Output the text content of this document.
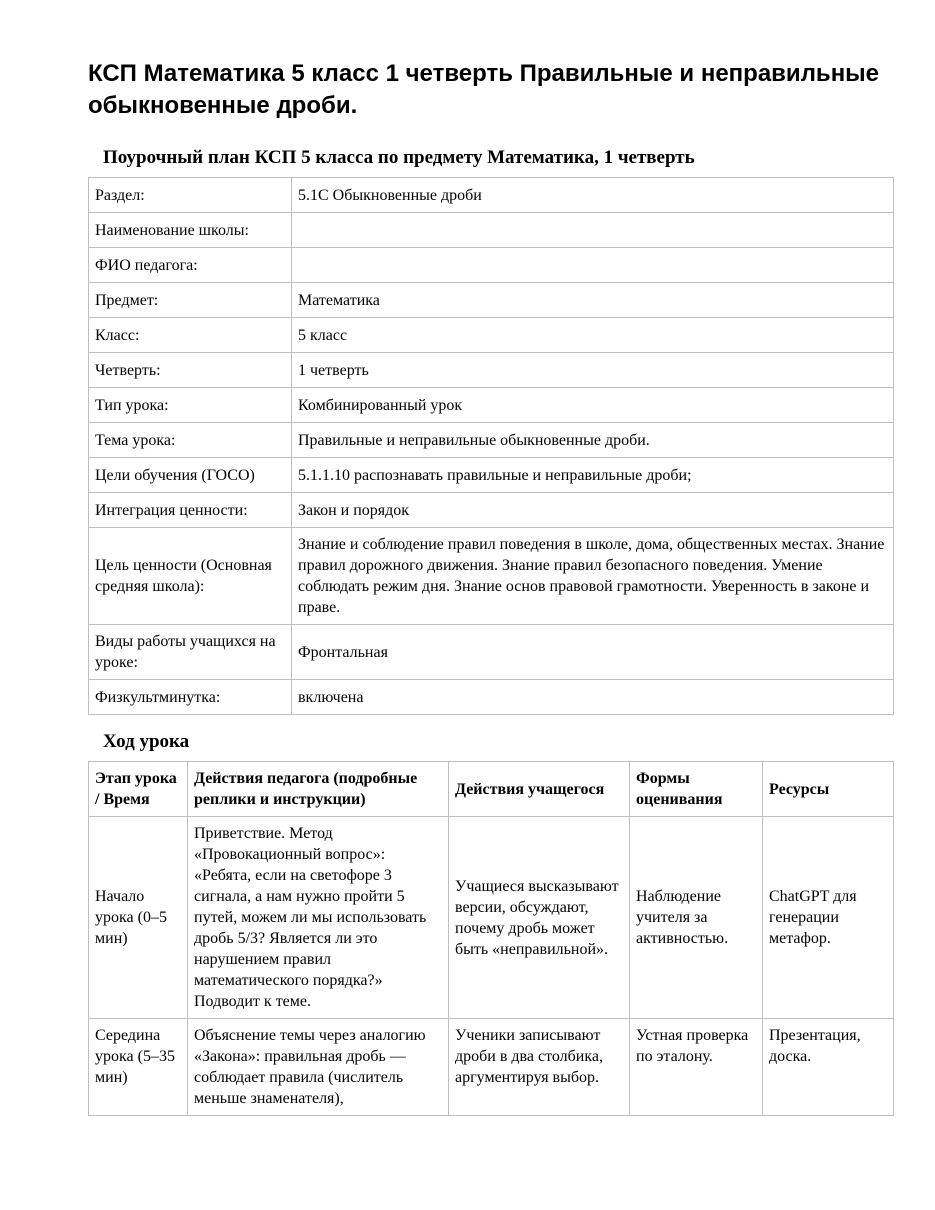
КСП Математика 5 класс 1 четверть Правильные и неправильные обыкновенные дроби.
Поурочный план КСП 5 класса по предмету Математика, 1 четверть
Раздел:	5.1С Обыкновенные дроби
Наименование школы:	
ФИО педагога:	
Предмет:	Математика
Класс:	5 класс
Четверть:	1 четверть
Тип урока:	Комбинированный урок
Тема урока:	Правильные и неправильные обыкновенные дроби.
Цели обучения (ГОСО)	5.1.1.10 распознавать правильные и неправильные дроби;
Интеграция ценности:	Закон и порядок
Цель ценности (Основная средняя школа):	Знание и соблюдение правил поведения в школе, дома, общественных местах. Знание правил дорожного движения. Знание правил безопасного поведения. Умение соблюдать режим дня. Знание основ правовой грамотности. Уверенность в законе и праве.
Виды работы учащихся на уроке:	Фронтальная
Физкультминутка:	включена
Ход урока
Этап урока / Время	Действия педагога (подробные реплики и инструкции)	Действия учащегося	Формы оценивания	Ресурсы
Начало урока (0–5 мин)	Приветствие. Метод «Провокационный вопрос»: «Ребята, если на светофоре 3 сигнала, а нам нужно пройти 5 путей, можем ли мы использовать дробь 5/3? Является ли это нарушением правил математического порядка?» Подводит к теме.	Учащиеся высказывают версии, обсуждают, почему дробь может быть «неправильной».	Наблюдение учителя за активностью.	ChatGPT для генерации метафор.
Середина урока (5–35 мин)	Объяснение темы через аналогию «Закона»: правильная дробь — соблюдает правила (числитель меньше знаменателя),	Ученики записывают дроби в два столбика, аргументируя выбор.	Устная проверка по эталону.	Презентация, доска.
